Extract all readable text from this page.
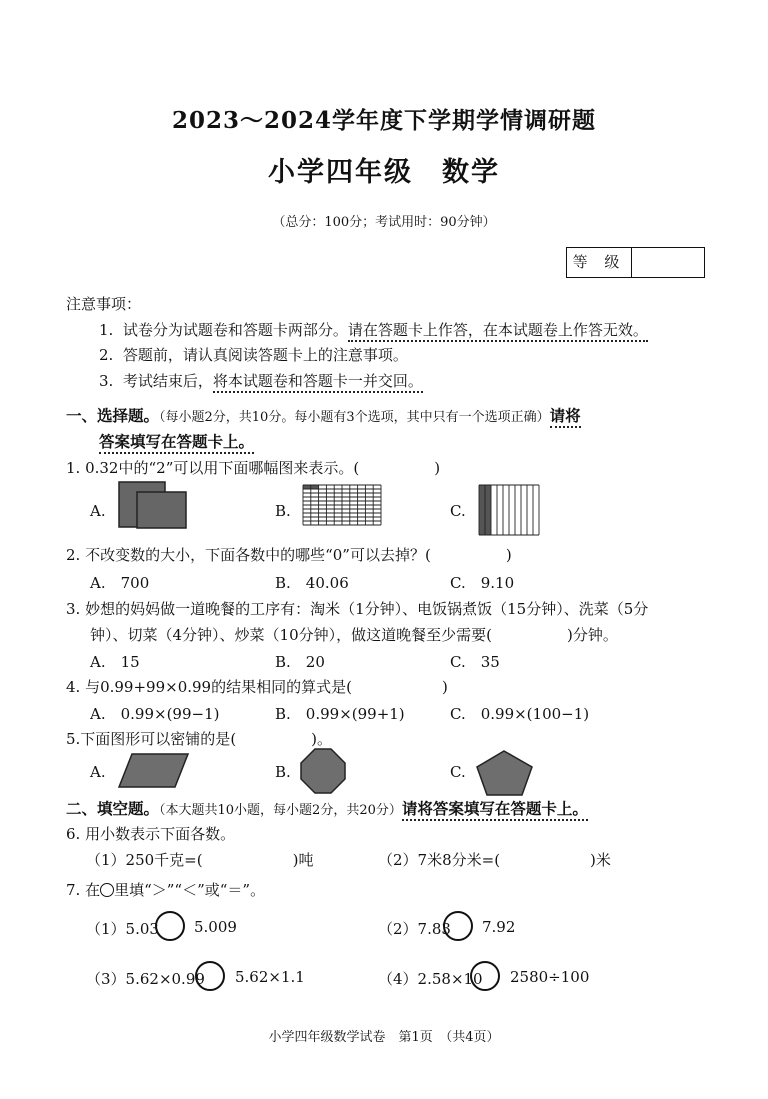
2023～2024学年度下学期学情调研题
小学四年级　数学
（总分：100分；考试用时：90分钟）
等 级
注意事项：
1. 试卷分为试题卷和答题卡两部分。请在答题卡上作答，在本试题卷上作答无效。
2. 答题前，请认真阅读答题卡上的注意事项。
3. 考试结束后，将本试题卷和答题卡一并交回。
一、选择题。（每小题2分，共10分。每小题有3个选项，其中只有一个选项正确）请将
答案填写在答题卡上。
1. 0.32中的“2”可以用下面哪幅图来表示。(　　　　　)
A.	B.	C.
2. 不改变数的大小，下面各数中的哪些“0”可以去掉？(　　　　　)
A.　700	B.　40.06	C.　9.10
3. 妙想的妈妈做一道晚餐的工序有：淘米（1分钟）、电饭锅煮饭（15分钟）、洗菜（5分
钟）、切菜（4分钟）、炒菜（10分钟），做这道晚餐至少需要(　　　　　)分钟。
A.　15	B.　20	C.　35
4. 与0.99+99×0.99的结果相同的算式是(　　　　　　)
A.　0.99×(99−1)	B.　0.99×(99+1)	C.　0.99×(100−1)
5.下面图形可以密铺的是(　　　　　)。
A.	B.	C.
二、填空题。（本大题共10小题，每小题2分，共20分）请将答案填写在答题卡上。
6. 用小数表示下面各数。
（1）250千克=(　　　　　　)吨	（2）7米8分米=(　　　　　　)米
7. 在 里填“＞”“＜”或“＝”。
（1）5.03 5.009	（2）7.83 7.92
（3）5.62×0.99 5.62×1.1	（4）2.58×10 2580÷100
小学四年级数学试卷　第1页　（共4页）
